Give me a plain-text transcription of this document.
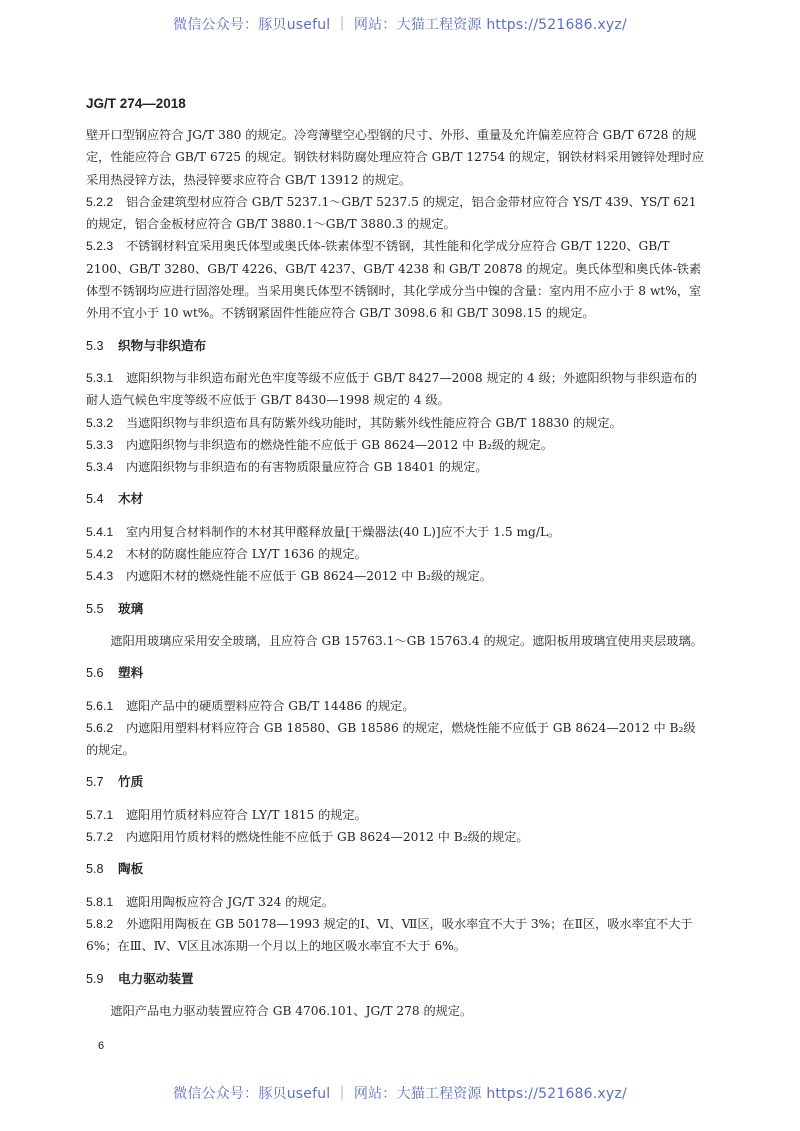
微信公众号：豚贝useful ｜ 网站：大猫工程资源 https://521686.xyz/
JG/T 274—2018
壁开口型钢应符合 JG/T 380 的规定。冷弯薄壁空心型钢的尺寸、外形、重量及允许偏差应符合 GB/T 6728 的规定，性能应符合 GB/T 6725 的规定。钢铁材料防腐处理应符合 GB/T 12754 的规定，钢铁材料采用镀锌处理时应采用热浸锌方法，热浸锌要求应符合 GB/T 13912 的规定。
5.2.2 铝合金建筑型材应符合 GB/T 5237.1～GB/T 5237.5 的规定，铝合金带材应符合 YS/T 439、YS/T 621 的规定，铝合金板材应符合 GB/T 3880.1～GB/T 3880.3 的规定。
5.2.3 不锈钢材料宜采用奥氏体型或奥氏体-铁素体型不锈钢，其性能和化学成分应符合 GB/T 1220、GB/T 2100、GB/T 3280、GB/T 4226、GB/T 4237、GB/T 4238 和 GB/T 20878 的规定。奥氏体型和奥氏体-铁素体型不锈钢均应进行固溶处理。当采用奥氏体型不锈钢时，其化学成分当中镍的含量：室内用不应小于 8 wt%，室外用不宜小于 10 wt%。不锈钢紧固件性能应符合 GB/T 3098.6 和 GB/T 3098.15 的规定。
5.3 织物与非织造布
5.3.1 遮阳织物与非织造布耐光色牢度等级不应低于 GB/T 8427—2008 规定的 4 级；外遮阳织物与非织造布的耐人造气候色牢度等级不应低于 GB/T 8430—1998 规定的 4 级。
5.3.2 当遮阳织物与非织造布具有防紫外线功能时，其防紫外线性能应符合 GB/T 18830 的规定。
5.3.3 内遮阳织物与非织造布的燃烧性能不应低于 GB 8624—2012 中 B₂级的规定。
5.3.4 内遮阳织物与非织造布的有害物质限量应符合 GB 18401 的规定。
5.4 木材
5.4.1 室内用复合材料制作的木材其甲醛释放量[干燥器法(40 L)]应不大于 1.5 mg/L。
5.4.2 木材的防腐性能应符合 LY/T 1636 的规定。
5.4.3 内遮阳木材的燃烧性能不应低于 GB 8624—2012 中 B₂级的规定。
5.5 玻璃
遮阳用玻璃应采用安全玻璃，且应符合 GB 15763.1～GB 15763.4 的规定。遮阳板用玻璃宜使用夹层玻璃。
5.6 塑料
5.6.1 遮阳产品中的硬质塑料应符合 GB/T 14486 的规定。
5.6.2 内遮阳用塑料材料应符合 GB 18580、GB 18586 的规定，燃烧性能不应低于 GB 8624—2012 中 B₂级的规定。
5.7 竹质
5.7.1 遮阳用竹质材料应符合 LY/T 1815 的规定。
5.7.2 内遮阳用竹质材料的燃烧性能不应低于 GB 8624—2012 中 B₂级的规定。
5.8 陶板
5.8.1 遮阳用陶板应符合 JG/T 324 的规定。
5.8.2 外遮阳用陶板在 GB 50178—1993 规定的Ⅰ、Ⅵ、Ⅶ区，吸水率宜不大于 3%；在Ⅱ区，吸水率宜不大于 6%；在Ⅲ、Ⅳ、Ⅴ区且冰冻期一个月以上的地区吸水率宜不大于 6%。
5.9 电力驱动装置
遮阳产品电力驱动装置应符合 GB 4706.101、JG/T 278 的规定。
6
微信公众号：豚贝useful ｜ 网站：大猫工程资源 https://521686.xyz/
